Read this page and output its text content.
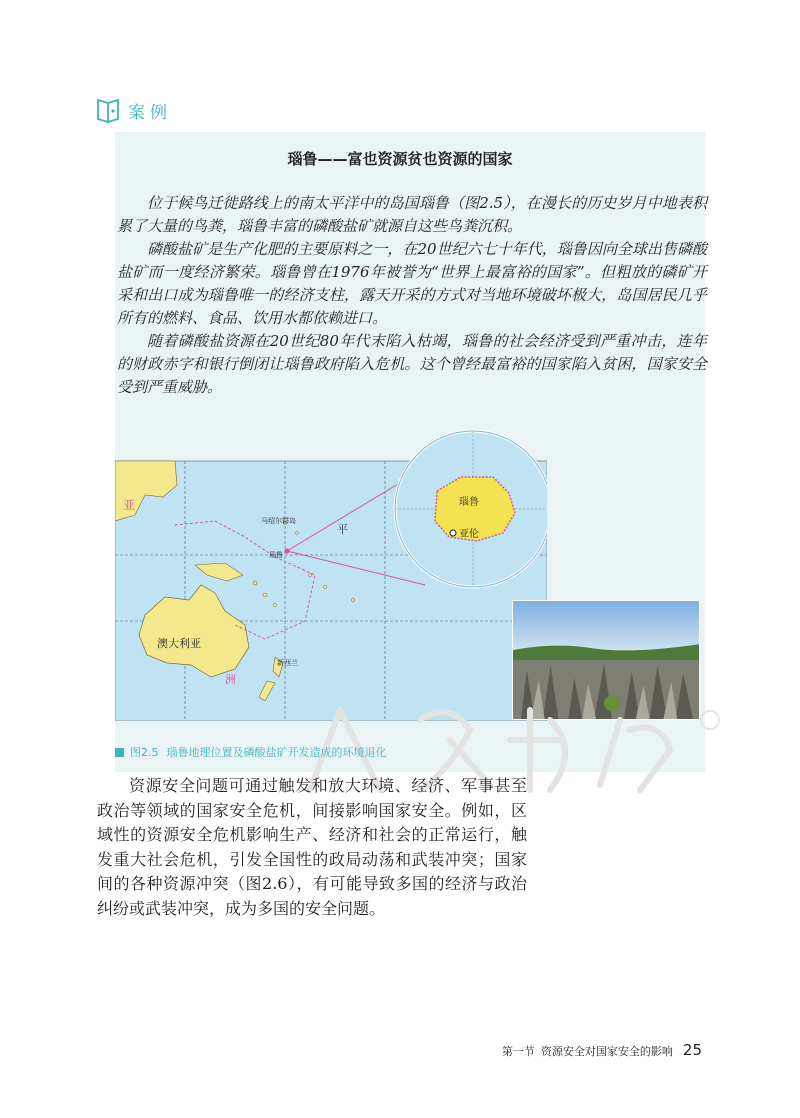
案例
瑙鲁——富也资源贫也资源的国家

位于候鸟迁徙路线上的南太平洋中的岛国瑙鲁（图2.5），在漫长的历史岁月中地表积累了大量的鸟粪，瑙鲁丰富的磷酸盐矿就源自这些鸟粪沉积。

磷酸盐矿是生产化肥的主要原料之一，在20世纪六七十年代，瑙鲁因向全球出售磷酸盐矿而一度经济繁荣。瑙鲁曾在1976年被誉为“世界上最富裕的国家”。但粗放的磷矿开采和出口成为瑙鲁唯一的经济支柱，露天开采的方式对当地环境破坏极大，岛国居民几乎所有的燃料、食品、饮用水都依赖进口。

随着磷酸盐资源在20世纪80年代末陷入枯竭，瑙鲁的社会经济受到严重冲击，连年的财政赤字和银行倒闭让瑙鲁政府陷入危机。这个曾经最富裕的国家陷入贫困，国家安全受到严重威胁。

亚
澳大利亚
洲
平
瑙鲁
马绍尔群岛
新西兰
瑙鲁
亚伦
图2.5 瑙鲁地理位置及磷酸盐矿开发造成的环境退化

资源安全问题可通过触发和放大环境、经济、军事甚至政治等领域的国家安全危机，间接影响国家安全。例如，区域性的资源安全危机影响生产、经济和社会的正常运行，触发重大社会危机，引发全国性的政局动荡和武装冲突；国家间的各种资源冲突（图2.6），有可能导致多国的经济与政治纠纷或武装冲突，成为多国的安全问题。

第一节 资源安全对国家安全的影响 25
